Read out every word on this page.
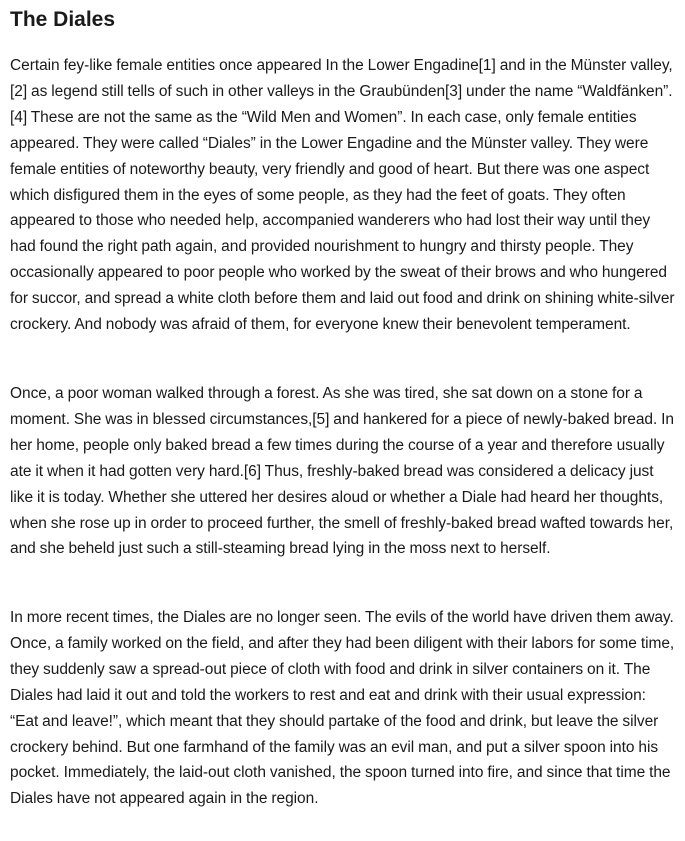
The Diales

Certain fey-like female entities once appeared In the Lower Engadine[1] and in the Münster valley,[2] as legend still tells of such in other valleys in the Graubünden[3] under the name “Waldfänken”.[4] These are not the same as the “Wild Men and Women”. In each case, only female entities appeared. They were called “Diales” in the Lower Engadine and the Münster valley. They were female entities of noteworthy beauty, very friendly and good of heart. But there was one aspect which disfigured them in the eyes of some people, as they had the feet of goats. They often appeared to those who needed help, accompanied wanderers who had lost their way until they had found the right path again, and provided nourishment to hungry and thirsty people. They occasionally appeared to poor people who worked by the sweat of their brows and who hungered for succor, and spread a white cloth before them and laid out food and drink on shining white-silver crockery. And nobody was afraid of them, for everyone knew their benevolent temperament.

Once, a poor woman walked through a forest. As she was tired, she sat down on a stone for a moment. She was in blessed circumstances,[5] and hankered for a piece of newly-baked bread. In her home, people only baked bread a few times during the course of a year and therefore usually ate it when it had gotten very hard.[6] Thus, freshly-baked bread was considered a delicacy just like it is today. Whether she uttered her desires aloud or whether a Diale had heard her thoughts, when she rose up in order to proceed further, the smell of freshly-baked bread wafted towards her, and she beheld just such a still-steaming bread lying in the moss next to herself.

In more recent times, the Diales are no longer seen. The evils of the world have driven them away. Once, a family worked on the field, and after they had been diligent with their labors for some time, they suddenly saw a spread-out piece of cloth with food and drink in silver containers on it. The Diales had laid it out and told the workers to rest and eat and drink with their usual expression: “Eat and leave!”, which meant that they should partake of the food and drink, but leave the silver crockery behind. But one farmhand of the family was an evil man, and put a silver spoon into his pocket. Immediately, the laid-out cloth vanished, the spoon turned into fire, and since that time the Diales have not appeared again in the region.
